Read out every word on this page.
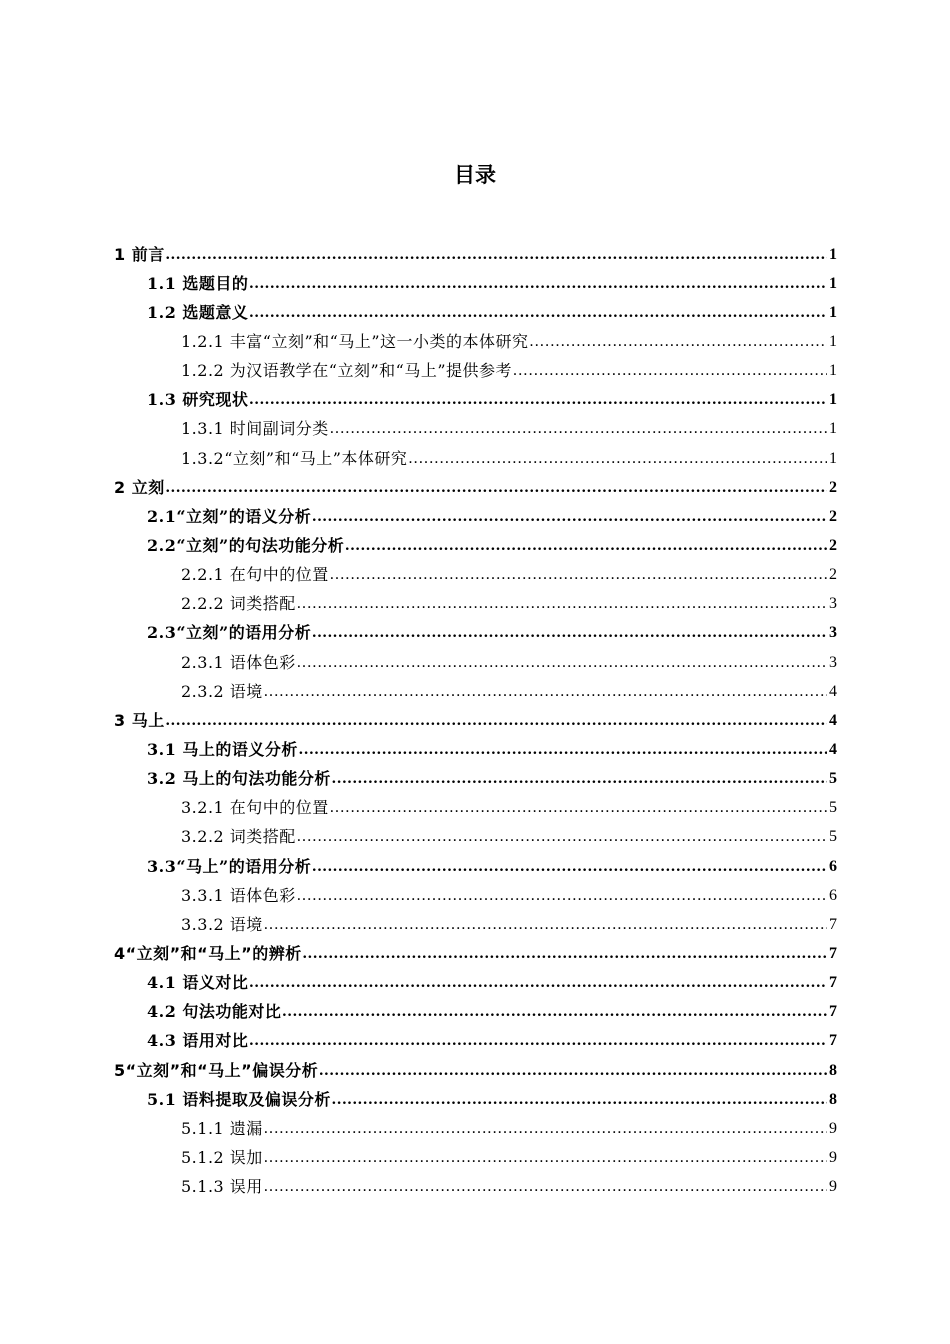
目录
1 前言 .....	1
1.1 选题目的 .....	1
1.2 选题意义 .....	1
1.2.1 丰富“立刻”和“马上”这一小类的本体研究 .....	1
1.2.2 为汉语教学在“立刻”和“马上”提供参考 .....	1
1.3 研究现状 .....	1
1.3.1 时间副词分类 .....	1
1.3.2“立刻”和“马上”本体研究 .....	1
2 立刻 .....	2
2.1“立刻”的语义分析 .....	2
2.2“立刻”的句法功能分析 .....	2
2.2.1 在句中的位置 .....	2
2.2.2 词类搭配 .....	3
2.3“立刻”的语用分析 .....	3
2.3.1 语体色彩 .....	3
2.3.2 语境 .....	4
3 马上 .....	4
3.1 马上的语义分析 .....	4
3.2 马上的句法功能分析 .....	5
3.2.1 在句中的位置 .....	5
3.2.2 词类搭配 .....	5
3.3“马上”的语用分析 .....	6
3.3.1 语体色彩 .....	6
3.3.2 语境 .....	7
4“立刻”和“马上”的辨析 .....	7
4.1 语义对比 .....	7
4.2 句法功能对比 .....	7
4.3 语用对比 .....	7
5“立刻”和“马上”偏误分析 .....	8
5.1 语料提取及偏误分析 .....	8
5.1.1 遗漏 .....	9
5.1.2 误加 .....	9
5.1.3 误用 .....	9
